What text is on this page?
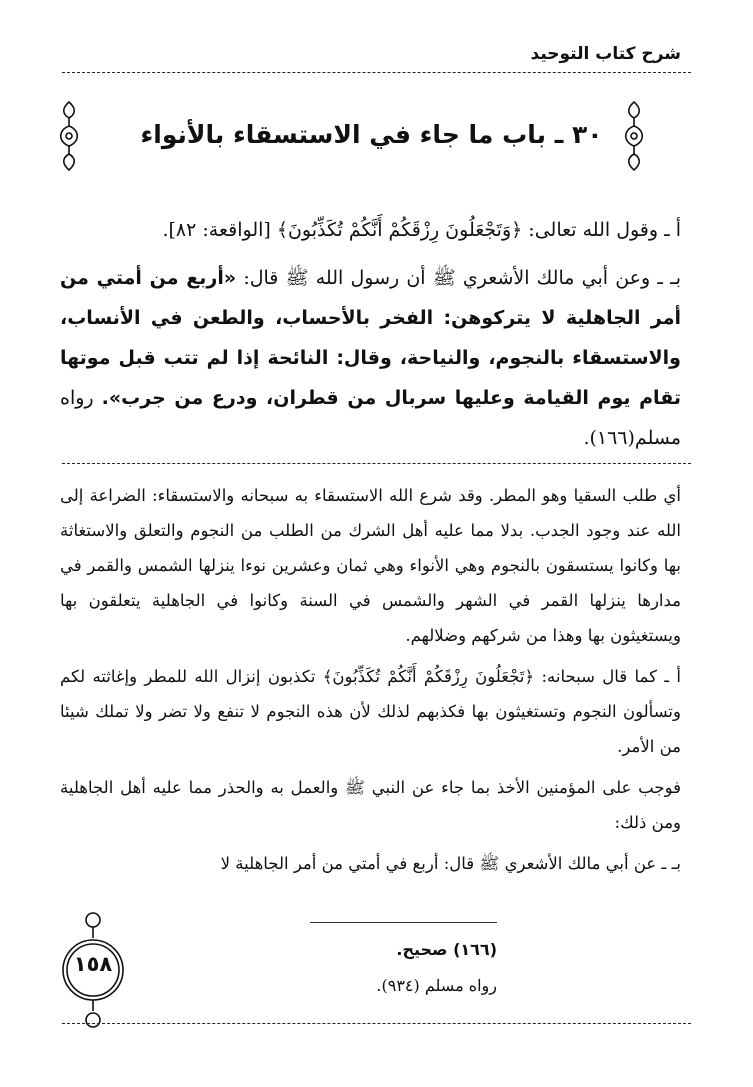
شرح كتاب التوحيد
٣٠ ـ باب ما جاء في الاستسقاء بالأنواء

أ ـ وقول الله تعالى: ﴿وَتَجْعَلُونَ رِزْقَكُمْ أَنَّكُمْ تُكَذِّبُونَ﴾ [الواقعة: ٨٢].

بـ ـ وعن أبي مالك الأشعري ﷺ أن رسول الله ﷺ قال: «أربع من أمتي من أمر الجاهلية لا يتركوهن: الفخر بالأحساب، والطعن في الأنساب، والاستسقاء بالنجوم، والنياحة، وقال: النائحة إذا لم تتب قبل موتها تقام يوم القيامة وعليها سربال من قطران، ودرع من جرب». رواه مسلم(١٦٦).

أي طلب السقيا وهو المطر. وقد شرع الله الاستسقاء به سبحانه والاستسقاء: الضراعة إلى الله عند وجود الجدب. بدلا مما عليه أهل الشرك من الطلب من النجوم والتعلق والاستغاثة بها وكانوا يستسقون بالنجوم وهي الأنواء وهي ثمان وعشرين نوءا ينزلها الشمس والقمر في مدارها ينزلها القمر في الشهر والشمس في السنة وكانوا في الجاهلية يتعلقون بها ويستغيثون بها وهذا من شركهم وضلالهم.

أ ـ كما قال سبحانه: ﴿تَجْعَلُونَ رِزْقَكُمْ أَنَّكُمْ تُكَذِّبُونَ﴾ تكذبون إنزال الله للمطر وإغاثته لكم وتسألون النجوم وتستغيثون بها فكذبهم لذلك لأن هذه النجوم لا تنفع ولا تضر ولا تملك شيئا من الأمر.

فوجب على المؤمنين الأخذ بما جاء عن النبي ﷺ والعمل به والحذر مما عليه أهل الجاهلية ومن ذلك:

بـ ـ عن أبي مالك الأشعري ﷺ قال: أربع في أمتي من أمر الجاهلية لا

(١٦٦) صحيح.
رواه مسلم (٩٣٤).
١٥٨
